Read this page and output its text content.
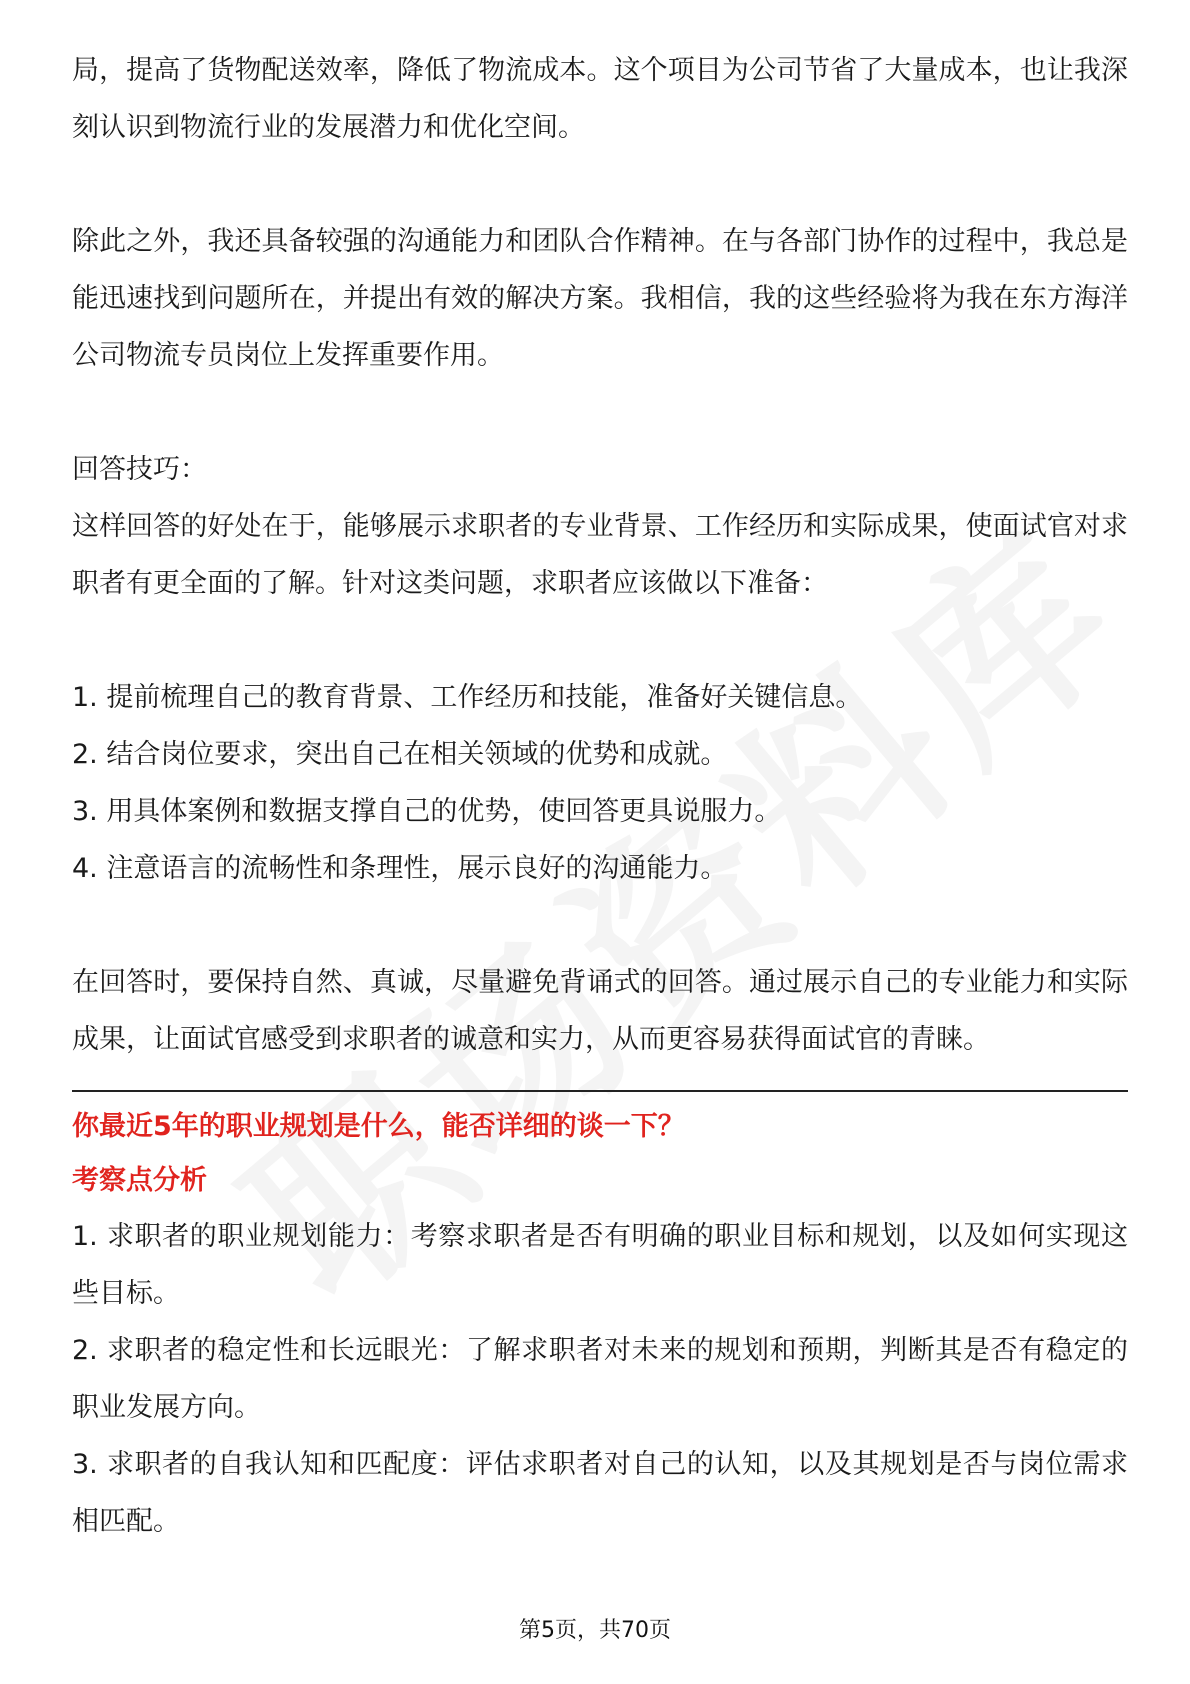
局，提高了货物配送效率，降低了物流成本。这个项目为公司节省了大量成本，也让我深刻认识到物流行业的发展潜力和优化空间。

除此之外，我还具备较强的沟通能力和团队合作精神。在与各部门协作的过程中，我总是能迅速找到问题所在，并提出有效的解决方案。我相信，我的这些经验将为我在东方海洋公司物流专员岗位上发挥重要作用。

回答技巧：

这样回答的好处在于，能够展示求职者的专业背景、工作经历和实际成果，使面试官对求职者有更全面的了解。针对这类问题，求职者应该做以下准备：

1. 提前梳理自己的教育背景、工作经历和技能，准备好关键信息。

2. 结合岗位要求，突出自己在相关领域的优势和成就。

3. 用具体案例和数据支撑自己的优势，使回答更具说服力。

4. 注意语言的流畅性和条理性，展示良好的沟通能力。

在回答时，要保持自然、真诚，尽量避免背诵式的回答。通过展示自己的专业能力和实际成果，让面试官感受到求职者的诚意和实力，从而更容易获得面试官的青睐。

你最近5年的职业规划是什么，能否详细的谈一下？

考察点分析

1. 求职者的职业规划能力：考察求职者是否有明确的职业目标和规划，以及如何实现这些目标。

2. 求职者的稳定性和长远眼光：了解求职者对未来的规划和预期，判断其是否有稳定的职业发展方向。

3. 求职者的自我认知和匹配度：评估求职者对自己的认知，以及其规划是否与岗位需求相匹配。

第5页，共70页
